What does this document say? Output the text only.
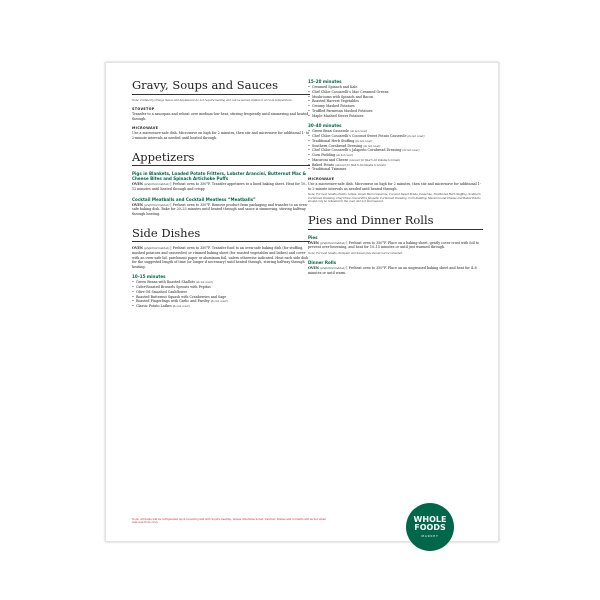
Gravy, Soups and Sauces

Note: Cranberry Orange Sauce and Applesauce do not require heating and can be served chilled or at room temperature.

STOVETOP

Transfer to a saucepan and reheat over medium-low heat, stirring frequently until simmering and heated through.

MICROWAVE

Use a microwave-safe dish. Microwave on high for 2 minutes, then stir and microwave for additional 1- to 2-minute intervals as needed until heated through.

Appetizers
Pigs in Blankets, Loaded Potato Fritters, Lobster Arancini, Butternut Mac & Cheese Bites and Spinach Artichoke Puffs

OVEN (preferred method) | Preheat oven to 350°F. Transfer appetizers to a lined baking sheet. Heat for 10–12 minutes until heated through and crispy.

Cocktail Meatballs and Cocktail Meatless “Meatballs”

OVEN (preferred method) | Preheat oven to 350°F. Remove product from packaging and transfer to an oven-safe baking dish. Bake for 20–25 minutes until heated through and sauce is simmering, stirring halfway through heating.

Side Dishes

OVEN (preferred method) | Preheat oven to 350°F. Transfer food to an oven-safe baking dish (for stuffing, mashed potatoes and casseroles) or rimmed baking sheet (for roasted vegetables and latkes) and cover with an oven-safe lid, parchment paper or aluminum foil, unless otherwise indicated. Heat each side dish for the suggested length of time (or longer if necessary) until heated through, stirring halfway through heating.

10–15 minutes
• Green Beans with Roasted Shallots (do not cover)
• Cider-Roasted Brussels Sprouts with Pepitas
• Olive Oil Smashed Cauliflower
• Roasted Butternut Squash with Cranberries and Sage
• Roasted Fingerlings with Garlic and Parsley (do not cover)
• Classic Potato Latkes (do not cover)
15–20 minutes
• Creamed Spinach and Kale
• Chef Chloe Coscarelli’s Mac Creamed Greens
• Mushrooms with Spinach and Bacon
• Roasted Harvest Vegetables
• Creamy Mashed Potatoes
• Truffled Parmesan Mashed Potatoes
• Maple Mashed Sweet Potatoes
30–40 minutes
• Green Bean Casserole (do not cover)
• Chef Chloe Coscarelli’s Coconut Sweet Potato Casserole (do not cover)
• Traditional Herb Stuffing (do not cover)
• Southern Cornbread Dressing (do not cover)
• Chef Chloe Coscarelli’s Jalapeño Cornbread Dressing (do not cover)
• Corn Pudding (do not cover)
• Macaroni and Cheese (uncover for final 5–10 minutes to brown)
• Baked Potato (uncover for final 5–10 minutes to brown)
• Traditional Tzimmes
MICROWAVE

Use a microwave-safe dish. Microwave on high for 2 minutes, then stir and microwave for additional 1- to 2-minute intervals as needed until heated through.

Note: For best results, Potato Latkes, Green Bean Casserole, Coconut Sweet Potato Casserole, Traditional Herb Stuffing, Southern Cornbread Dressing, Chef Chloe Coscarelli’s Jalapeño Cornbread Dressing, Corn Pudding, Macaroni and Cheese and Baked Potato should only be reheated in the oven and not microwaved.

Pies and Dinner Rolls
Pies

OVEN (preferred method) | Preheat oven to 350°F. Place on a baking sheet, gently cover crust with foil to prevent over-browning, and heat for 10–15 minutes or until just warmed through.

Note: For best results, Pumpkin and Sweet pies should not be reheated.

Dinner Rolls

OVEN (preferred method) | Preheat oven to 350°F. Place on an ungreased baking sheet and heat for 4–8 minutes or until warm.

Note: All items will be refrigerated upon receiving and will require heating, unless otherwise noted. Caution: Dishes and contents will be hot when removed from oven.	WHOLE
FOODS
MARKET
